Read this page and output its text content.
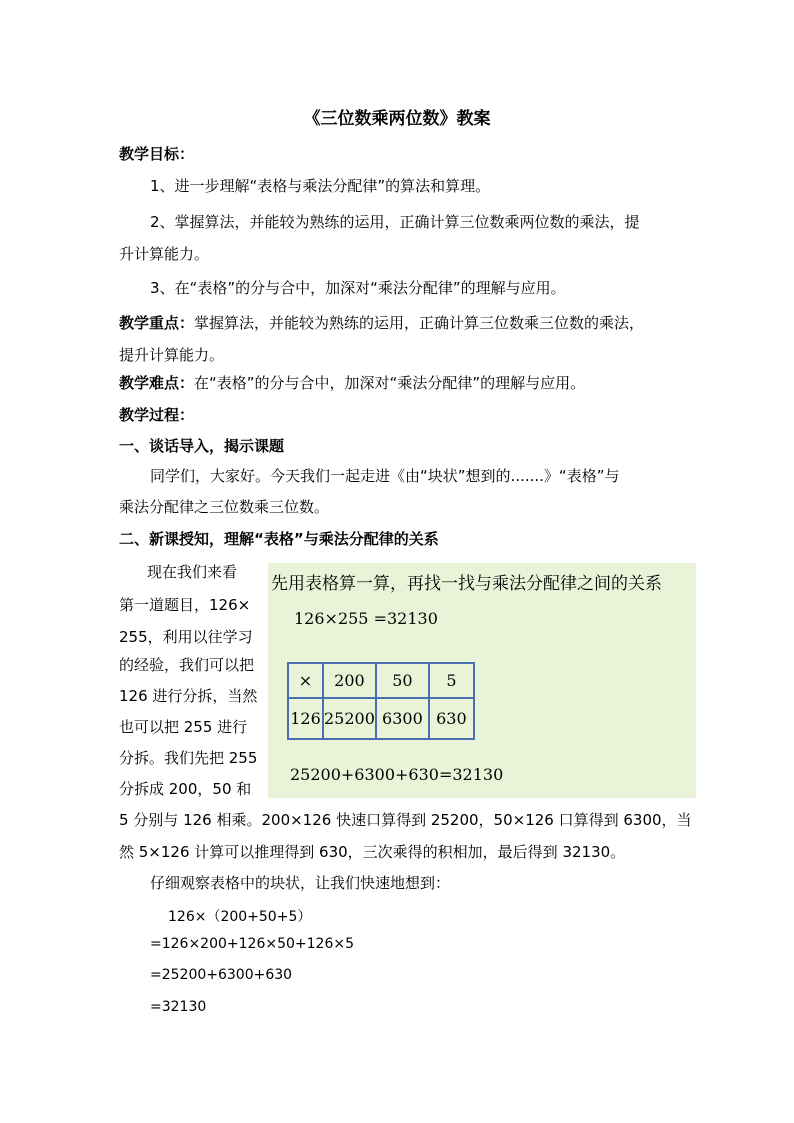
《三位数乘两位数》教案
教学目标：
1、进一步理解“表格与乘法分配律”的算法和算理。
2、掌握算法，并能较为熟练的运用，正确计算三位数乘两位数的乘法，提
升计算能力。
3、在“表格”的分与合中，加深对“乘法分配律”的理解与应用。
教学重点：掌握算法，并能较为熟练的运用，正确计算三位数乘三位数的乘法，
提升计算能力。
教学难点：在“表格”的分与合中，加深对“乘法分配律”的理解与应用。
教学过程：
一、谈话导入，揭示课题
同学们，大家好。今天我们一起走进《由“块状”想到的.......》“表格”与
乘法分配律之三位数乘三位数。
二、新课授知，理解“表格”与乘法分配律的关系
现在我们来看
第一道题目，126×
255，利用以往学习
的经验，我们可以把
126 进行分拆，当然
也可以把 255 进行
分拆。我们先把 255
分拆成 200，50 和
先用表格算一算，再找一找与乘法分配律之间的关系
126×255 =32130
×	200	50	5
126	25200	6300	630
25200+6300+630=32130
5 分别与 126 相乘。200×126 快速口算得到 25200，50×126 口算得到 6300，当
然 5×126 计算可以推理得到 630，三次乘得的积相加，最后得到 32130。
仔细观察表格中的块状，让我们快速地想到：
126×（200+50+5）
=126×200+126×50+126×5
=25200+6300+630
=32130
